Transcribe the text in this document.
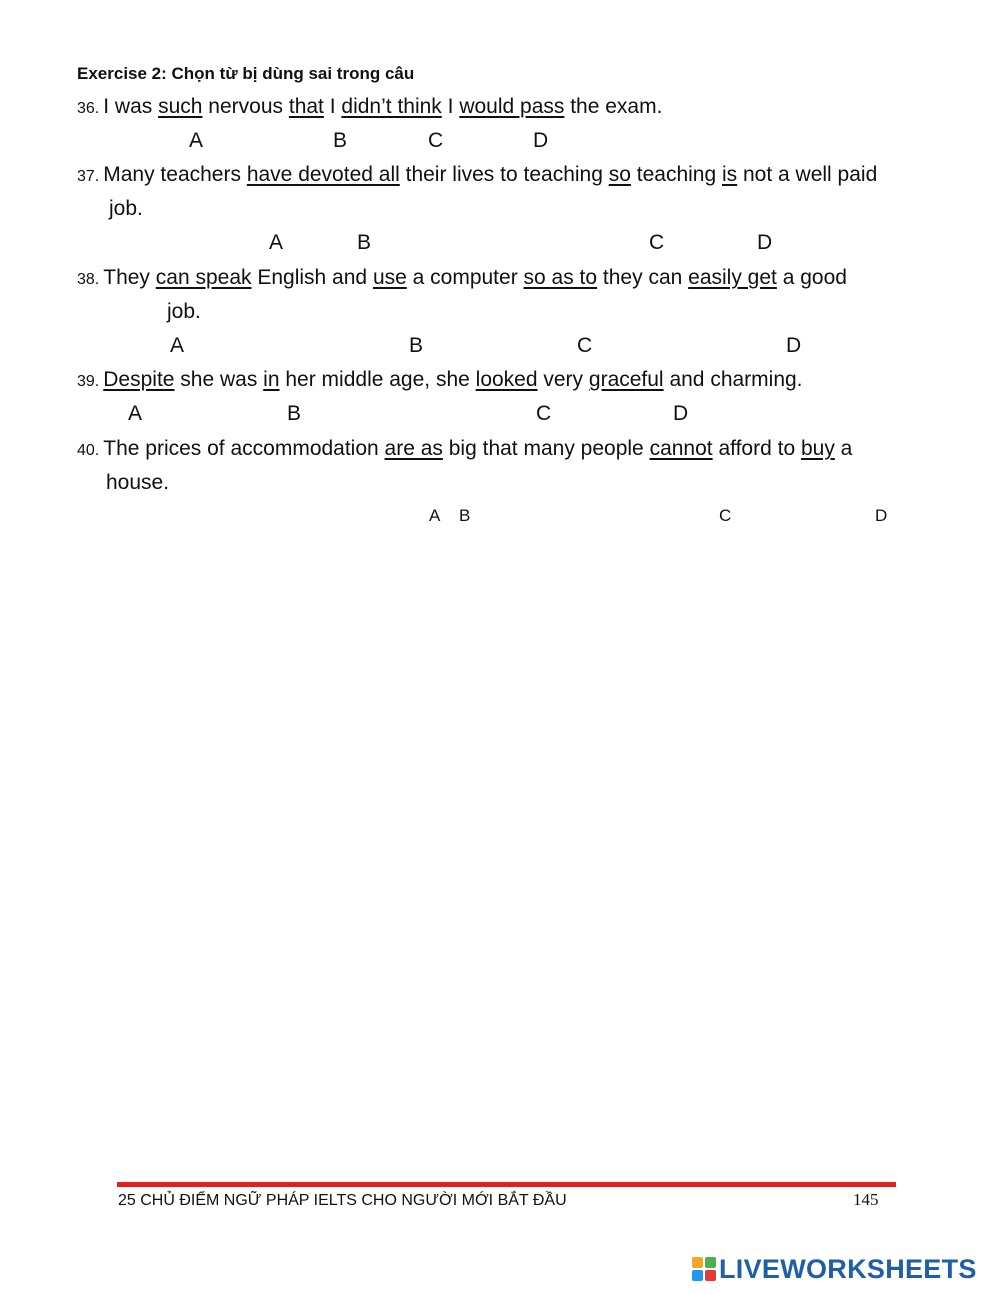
Exercise 2: Chọn từ bị dùng sai trong câu
36. I was such nervous that I didn’t think I would pass the exam.
A	B	C	D
37. Many teachers have devoted all their lives to teaching so teaching is not a well paid
job.
A	B	C	D
38. They can speak English and use a computer so as to they can easily get a good
job.
A	B	C	D
39. Despite she was in her middle age, she looked very graceful and charming.
A	B	C	D
40. The prices of accommodation are as big that many people cannot afford to buy a
house.
A B	C	D
25 CHỦ ĐIỂM NGỮ PHÁP IELTS CHO NGƯỜI MỚI BẮT ĐẦU	145
LIVEWORKSHEETS
